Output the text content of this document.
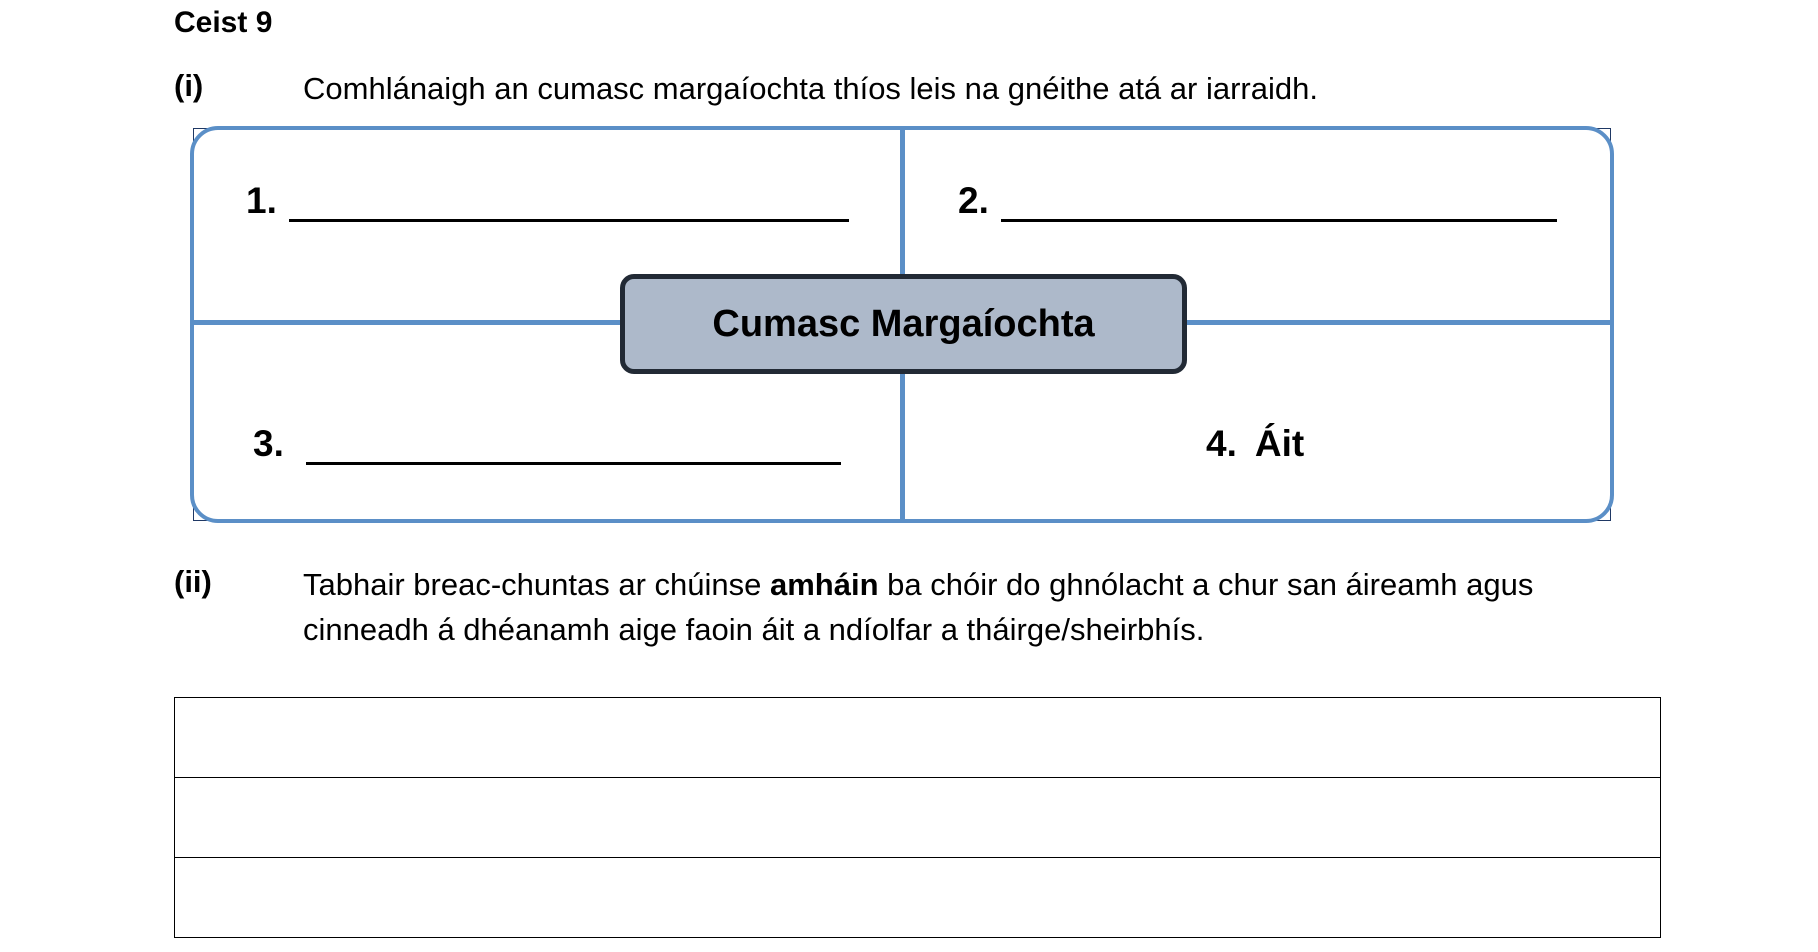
Ceist 9
(i)	Comhlánaigh an cumasc margaíochta thíos leis na gnéithe atá ar iarraidh.
1.	2.
3.	4. Áit
Cumasc Margaíochta
(ii)	Tabhair breac-chuntas ar chúinse amháin ba chóir do ghnólacht a chur san áireamh agus cinneadh á dhéanamh aige faoin áit a ndíolfar a tháirge/sheirbhís.
